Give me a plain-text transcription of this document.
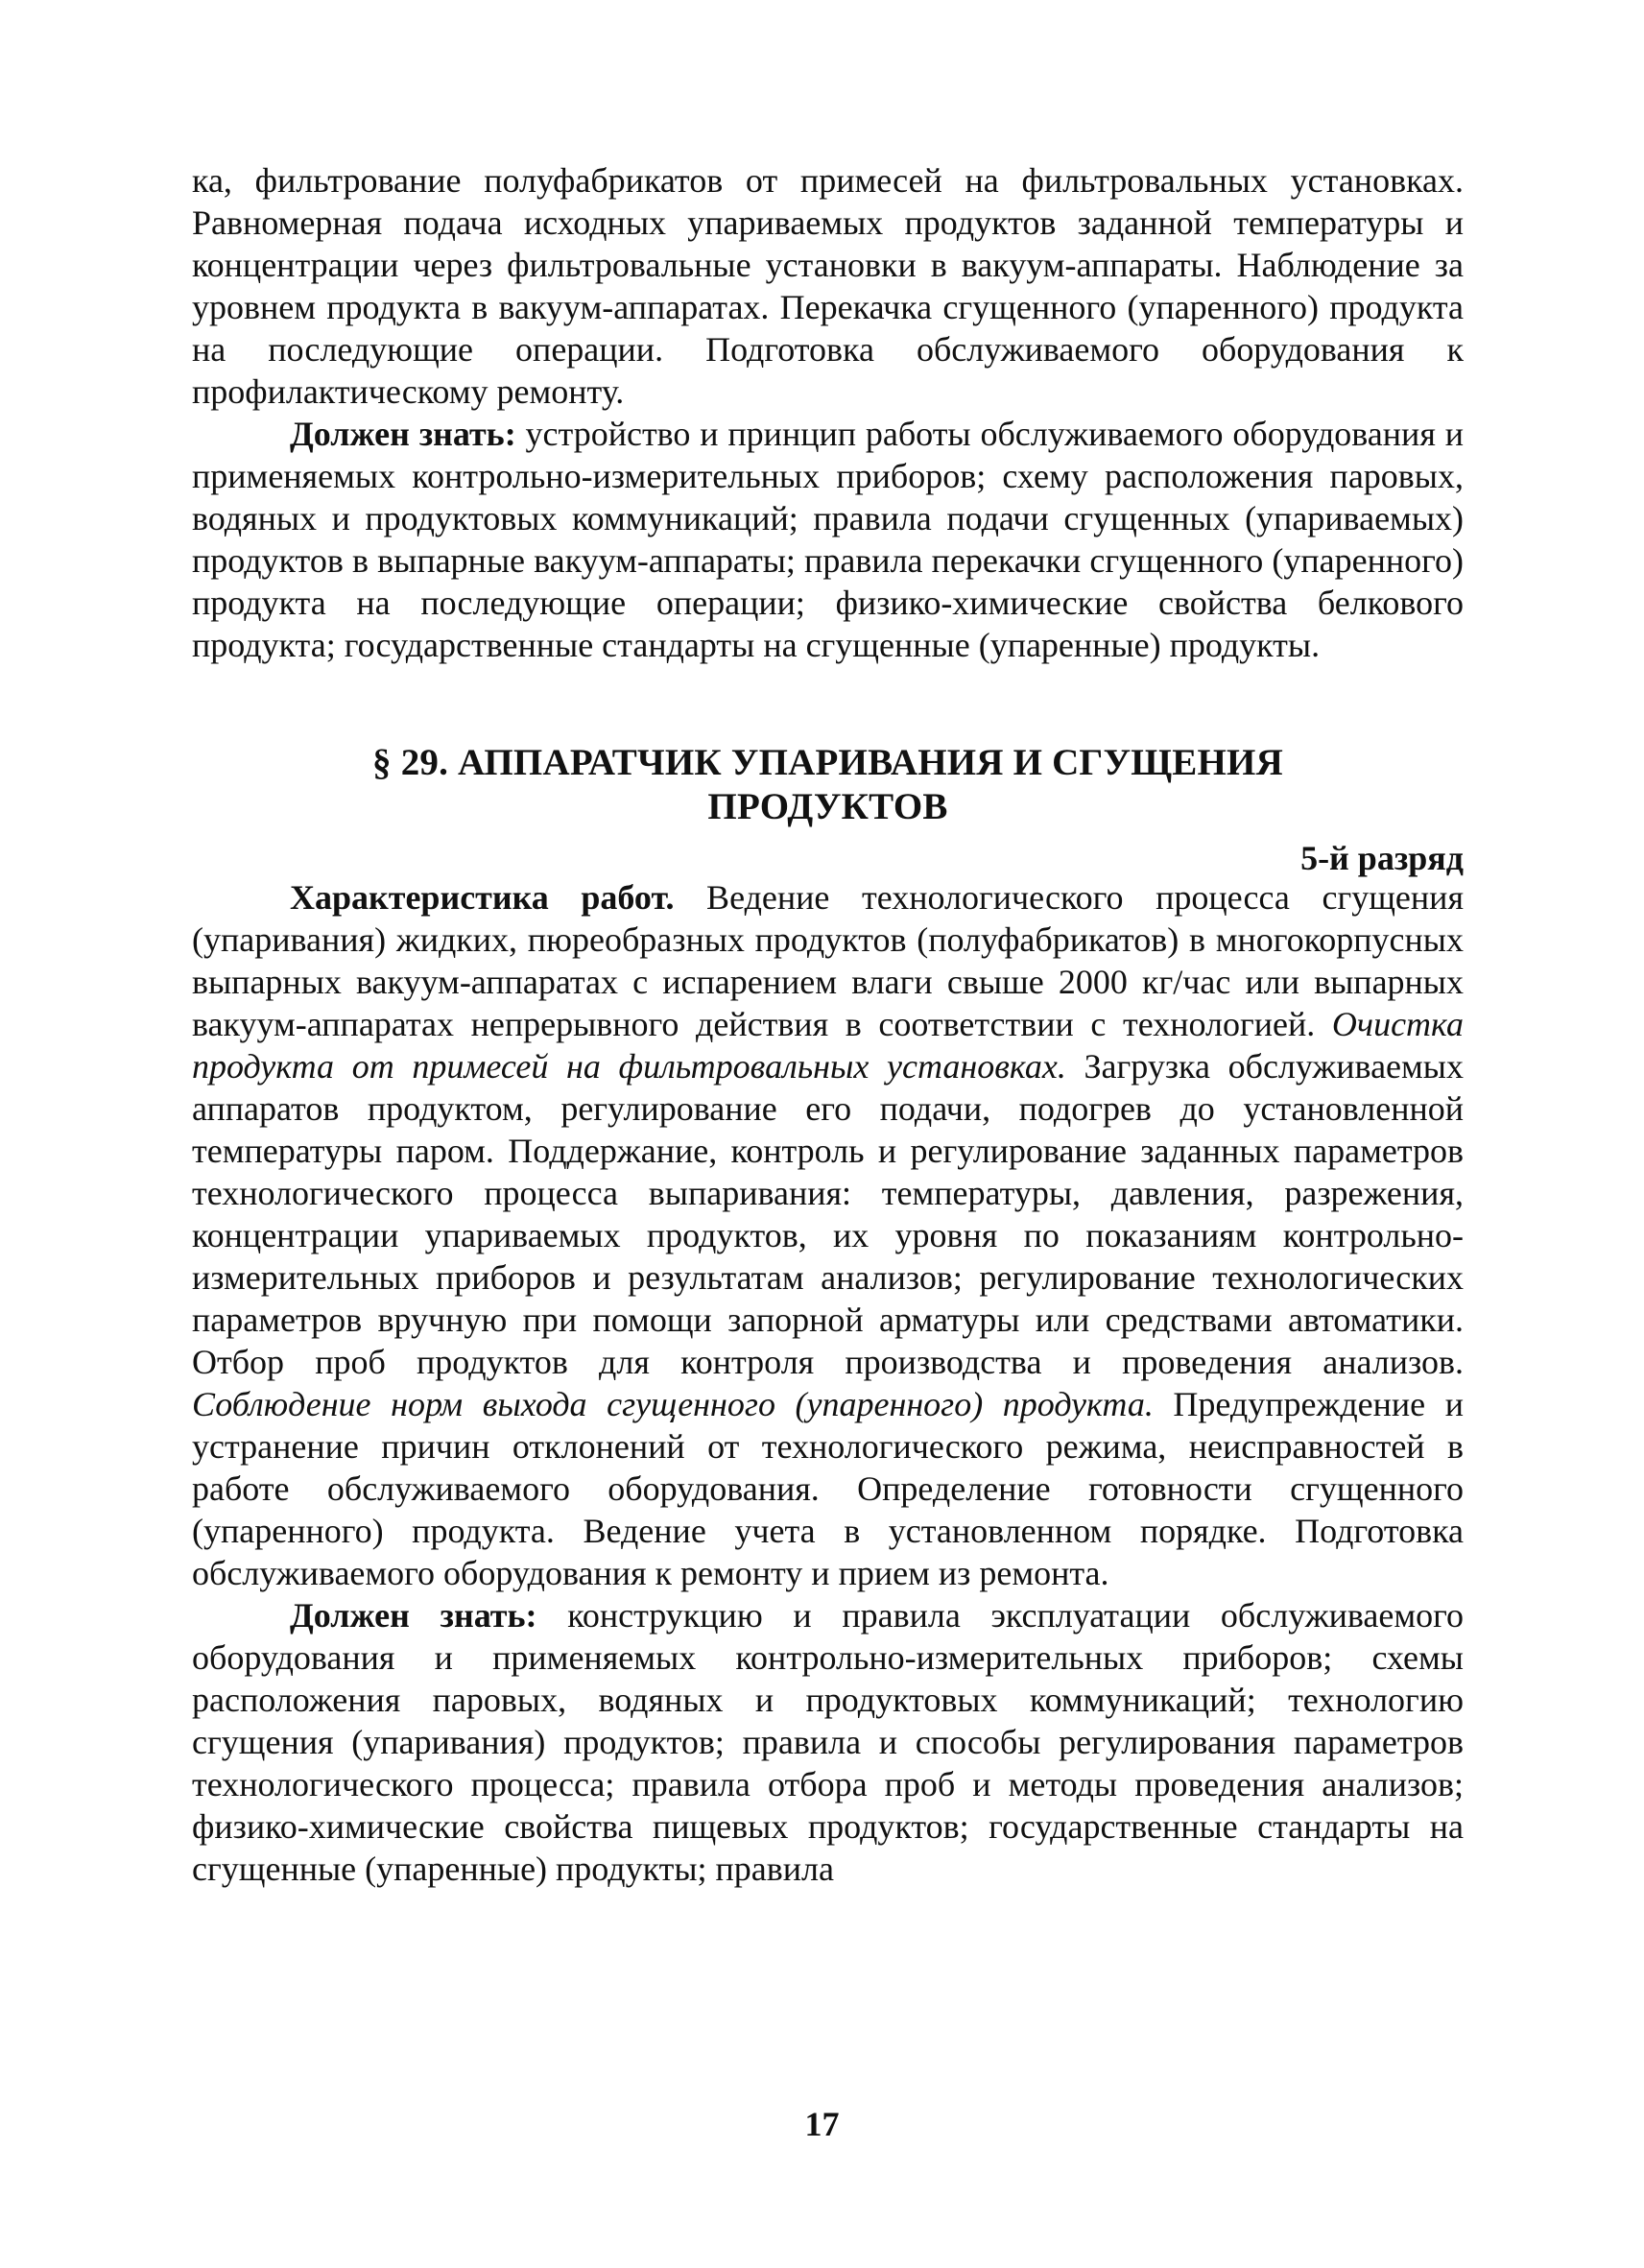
ка, фильтрование полуфабрикатов от примесей на фильтровальных установках. Равномерная подача исходных упариваемых продуктов заданной температуры и концентрации через фильтровальные установки в вакуум-аппараты. Наблюдение за уровнем продукта в вакуум-аппаратах. Перекачка сгущенного (упаренного) продукта на последующие операции. Подготовка обслуживаемого оборудования к профилактическому ремонту.

Должен знать: устройство и принцип работы обслуживаемого оборудования и применяемых контрольно-измерительных приборов; схему расположения паровых, водяных и продуктовых коммуникаций; правила подачи сгущенных (упариваемых) продуктов в выпарные вакуум-аппараты; правила перекачки сгущенного (упаренного) продукта на последующие операции; физико-химические свойства белкового продукта; государственные стандарты на сгущенные (упаренные) продукты.

§ 29. АППАРАТЧИК УПАРИВАНИЯ И СГУЩЕНИЯ
ПРОДУКТОВ

5-й разряд

Характеристика работ. Ведение технологического процесса сгущения (упаривания) жидких, пюреобразных продуктов (полуфабрикатов) в многокорпусных выпарных вакуум-аппаратах с испарением влаги свыше 2000 кг/час или выпарных вакуум-аппаратах непрерывного действия в соответствии с технологией. Очистка продукта от примесей на фильтровальных установках. Загрузка обслуживаемых аппаратов продуктом, регулирование его подачи, подогрев до установленной температуры паром. Поддержание, контроль и регулирование заданных параметров технологического процесса выпаривания: температуры, давления, разрежения, концентрации упариваемых продуктов, их уровня по показаниям контрольно-измерительных приборов и результатам анализов; регулирование технологических параметров вручную при помощи запорной арматуры или средствами автоматики. Отбор проб продуктов для контроля производства и проведения анализов. Соблюдение норм выхода сгущенного (упаренного) продукта. Предупреждение и устранение причин отклонений от технологического режима, неисправностей в работе обслуживаемого оборудования. Определение готовности сгущенного (упаренного) продукта. Ведение учета в установленном порядке. Подготовка обслуживаемого оборудования к ремонту и прием из ремонта.

Должен знать: конструкцию и правила эксплуатации обслуживаемого оборудования и применяемых контрольно-измерительных приборов; схемы расположения паровых, водяных и продуктовых коммуникаций; технологию сгущения (упаривания) продуктов; правила и способы регулирования параметров технологического процесса; правила отбора проб и методы проведения анализов; физико-химические свойства пищевых продуктов; государственные стандарты на сгущенные (упаренные) продукты; правила

17
